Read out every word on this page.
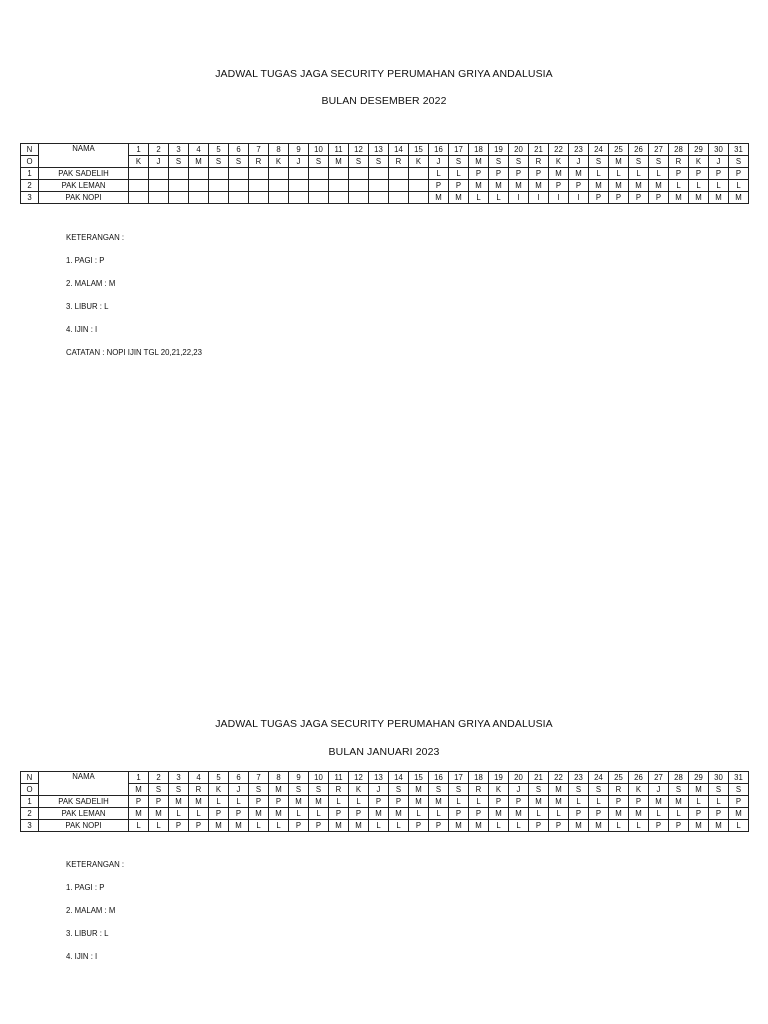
JADWAL TUGAS JAGA SECURITY PERUMAHAN GRIYA ANDALUSIA
BULAN DESEMBER 2022
N	NAMA	1	2	3	4	5	6	7	8	9	10	11	12	13	14	15	16	17	18	19	20	21	22	23	24	25	26	27	28	29	30	31
O		K	J	S	M	S	S	R	K	J	S	M	S	S	R	K	J	S	M	S	S	R	K	J	S	M	S	S	R	K	J	S
1	PAK SADELIH																L	L	P	P	P	P	M	M	L	L	L	L	P	P	P	P
2	PAK LEMAN																P	P	M	M	M	M	P	P	M	M	M	M	L	L	L	L
3	PAK NOPI																M	M	L	L	I	I	I	I	P	P	P	P	M	M	M	M
KETERANGAN :
1. PAGI : P
2. MALAM : M
3. LIBUR : L
4. IJIN : I
CATATAN : NOPI IJIN TGL 20,21,22,23
JADWAL TUGAS JAGA SECURITY PERUMAHAN GRIYA ANDALUSIA
BULAN JANUARI 2023
N	NAMA	1	2	3	4	5	6	7	8	9	10	11	12	13	14	15	16	17	18	19	20	21	22	23	24	25	26	27	28	29	30	31
O		M	S	S	R	K	J	S	M	S	S	R	K	J	S	M	S	S	R	K	J	S	M	S	S	R	K	J	S	M	S	S
1	PAK SADELIH	P	P	M	M	L	L	P	P	M	M	L	L	P	P	M	M	L	L	P	P	M	M	L	L	P	P	M	M	L	L	P
2	PAK LEMAN	M	M	L	L	P	P	M	M	L	L	P	P	M	M	L	L	P	P	M	M	L	L	P	P	M	M	L	L	P	P	M
3	PAK NOPI	L	L	P	P	M	M	L	L	P	P	M	M	L	L	P	P	M	M	L	L	P	P	M	M	L	L	P	P	M	M	L
KETERANGAN :
1. PAGI : P
2. MALAM : M
3. LIBUR : L
4. IJIN : I
